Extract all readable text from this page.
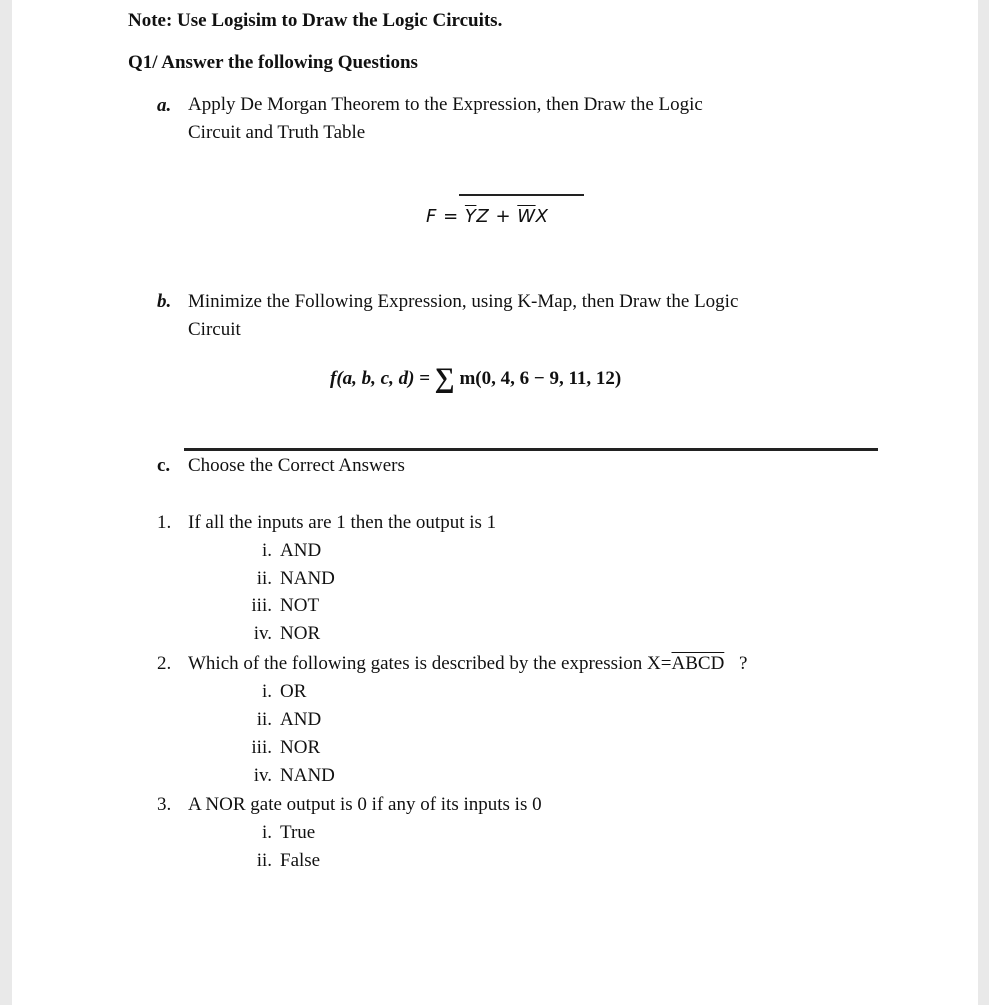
Note: Use Logisim to Draw the Logic Circuits.
Q1/ Answer the following Questions
a. Apply De Morgan Theorem to the Expression, then Draw the Logic
Circuit and Truth Table
$F = \overline{Y}Z + \overline{W}X$
b. Minimize the Following Expression, using K-Map, then Draw the Logic
Circuit
f(a, b, c, d) = ∑ m(0, 4, 6 − 9, 11, 12)
c. Choose the Correct Answers
1. If all the inputs are 1 then the output is 1
i. AND
ii. NAND
iii. NOT
iv. NOR
2. Which of the following gates is described by the expression X=ABCD ?
i. OR
ii. AND
iii. NOR
iv. NAND
3. A NOR gate output is 0 if any of its inputs is 0
i. True
ii. False
